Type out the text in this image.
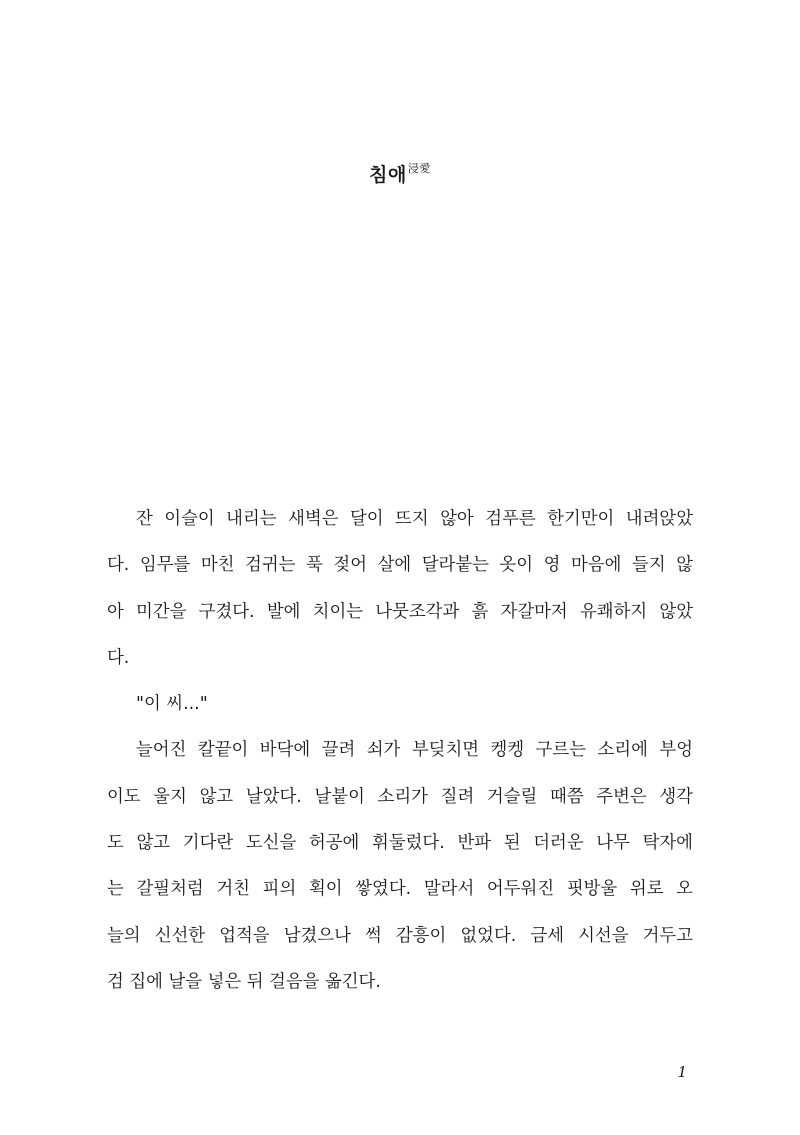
침애$^{浸愛}$
잔 이슬이 내리는 새벽은 달이 뜨지 않아 검푸른 한기만이 내려앉았
다. 임무를 마친 검귀는 푹 젖어 살에 달라붙는 옷이 영 마음에 들지 않
아 미간을 구겼다. 발에 치이는 나뭇조각과 흙 자갈마저 유쾌하지 않았
다.
"이 씨..."
늘어진 칼끝이 바닥에 끌려 쇠가 부딪치면 켕켕 구르는 소리에 부엉
이도 울지 않고 날았다. 날붙이 소리가 질려 거슬릴 때쯤 주변은 생각
도 않고 기다란 도신을 허공에 휘둘렀다. 반파 된 더러운 나무 탁자에
는 갈필처럼 거친 피의 획이 쌓였다. 말라서 어두워진 핏방울 위로 오
늘의 신선한 업적을 남겼으나 썩 감흥이 없었다. 금세 시선을 거두고
검 집에 날을 넣은 뒤 걸음을 옮긴다.
1
